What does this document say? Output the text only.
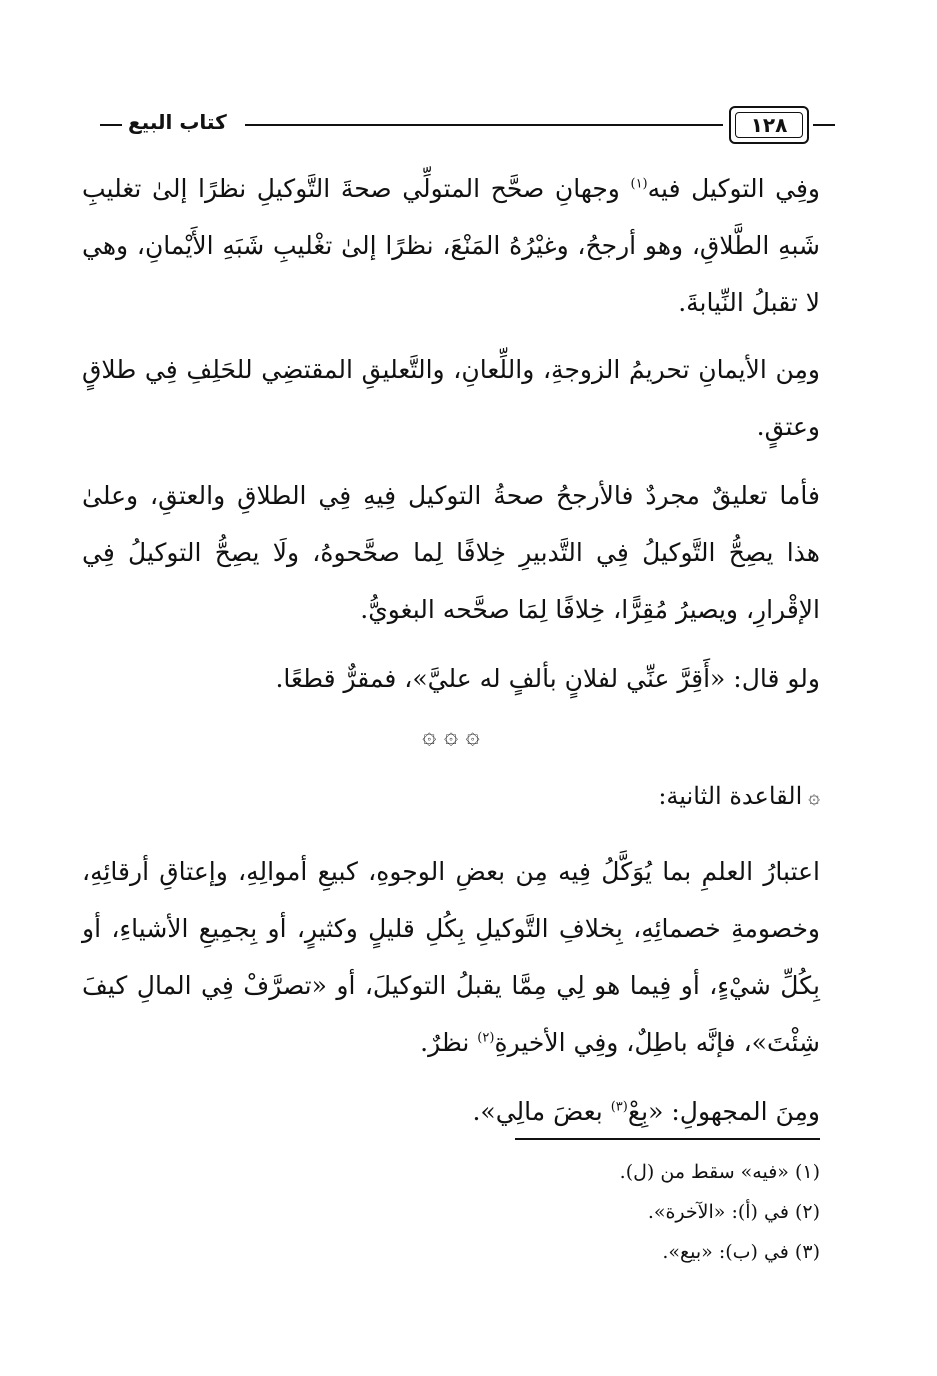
١٢٨
كتاب البيع

وفِي التوكيل فيه$^{(١)}$ وجهانِ صحَّح المتولِّي صحةَ التَّوكيلِ نظرًا إلىٰ تغليبِ شَبهِ الطَّلاقِ، وهو أرجحُ، وغيْرُهُ المَنْعَ، نظرًا إلىٰ تغْليبِ شَبَهِ الأَيْمانِ، وهي لا تقبلُ النِّيابةَ.

ومِن الأيمانِ تحريمُ الزوجةِ، واللِّعانِ، والتَّعليقِ المقتضِي للحَلِفِ فِي طلاقٍ وعتقٍ.

فأما تعليقٌ مجردٌ فالأرجحُ صحةُ التوكيل فِيهِ فِي الطلاقِ والعتقِ، وعلىٰ هذا يصِحُّ التَّوكيلُ فِي التَّدبيرِ خِلافًا لِما صحَّحوهُ، ولَا يصِحُّ التوكيلُ فِي الإقْرارِ، ويصيرُ مُقِرًّا، خِلافًا لِمَا صحَّحه البغويُّ.

ولو قال: «أَقِرَّ عنِّي لفلانٍ بألفٍ له عليَّ»، فمقرٌّ قطعًا.

۞ ۞ ۞
۞
القاعدة الثانية:

اعتبارُ العلمِ بما يُوَكَّلُ فِيه مِن بعضِ الوجوهِ، كبيعِ أموالِهِ، وإعتاقِ أرقائِهِ، وخصومةِ خصمائِهِ، بِخلافِ التَّوكيلِ بِكُلِ قليلٍ وكثيرٍ، أو بِجمِيعِ الأشياءِ، أو بِكُلِّ شيْءٍ، أو فِيما هو لِي مِمَّا يقبلُ التوكيلَ، أو «تصرَّفْ فِي المالِ كيفَ شِئْتَ»، فإنَّه باطِلٌ، وفِي الأخيرةِ$^{(٢)}$ نظرٌ.

ومِنَ المجهولِ: «بِعْ$^{(٣)}$ بعضَ مالِي».

(١) «فيه» سقط من (ل).

(٢) في (أ): «الآخرة».

(٣) في (ب): «بيع».
